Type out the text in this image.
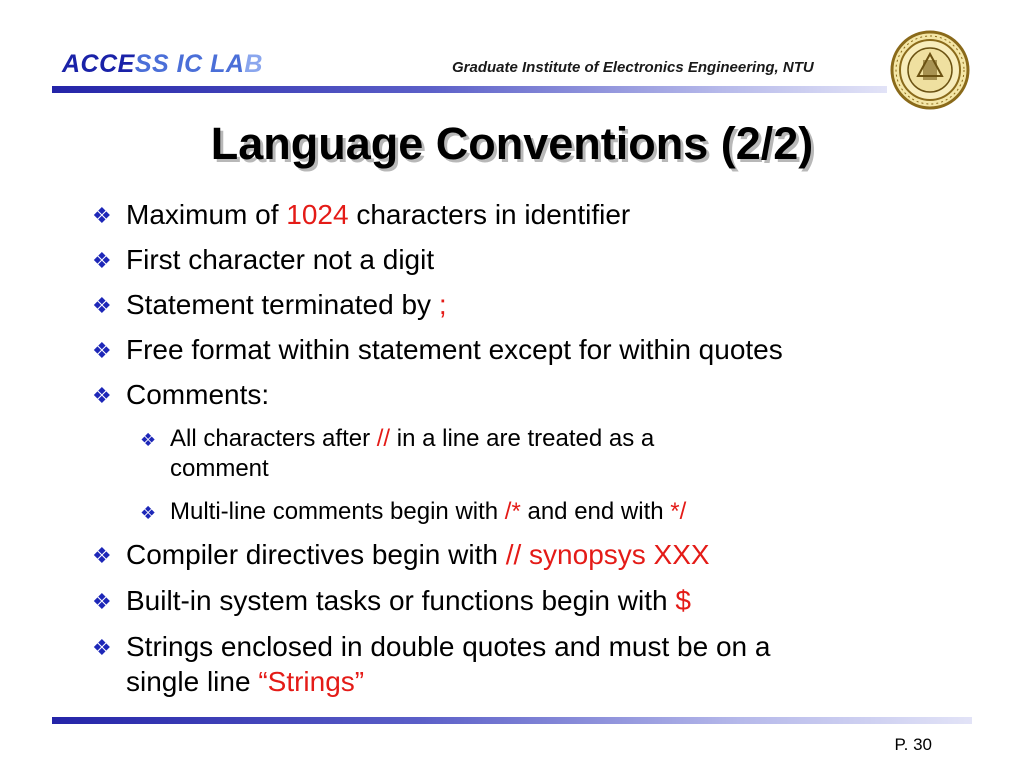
ACCESS IC LAB	Graduate Institute of Electronics Engineering, NTU
Language Conventions (2/2)
❖ Maximum of 1024 characters in identifier
❖ First character not a digit
❖ Statement terminated by ;
❖ Free format within statement except for within quotes
❖ Comments:
❖ All characters after // in a line are treated as a
comment
❖ Multi-line comments begin with /* and end with */
❖ Compiler directives begin with // synopsys XXX
❖ Built-in system tasks or functions begin with $
❖ Strings enclosed in double quotes and must be on a
single line “Strings”
P. 30
